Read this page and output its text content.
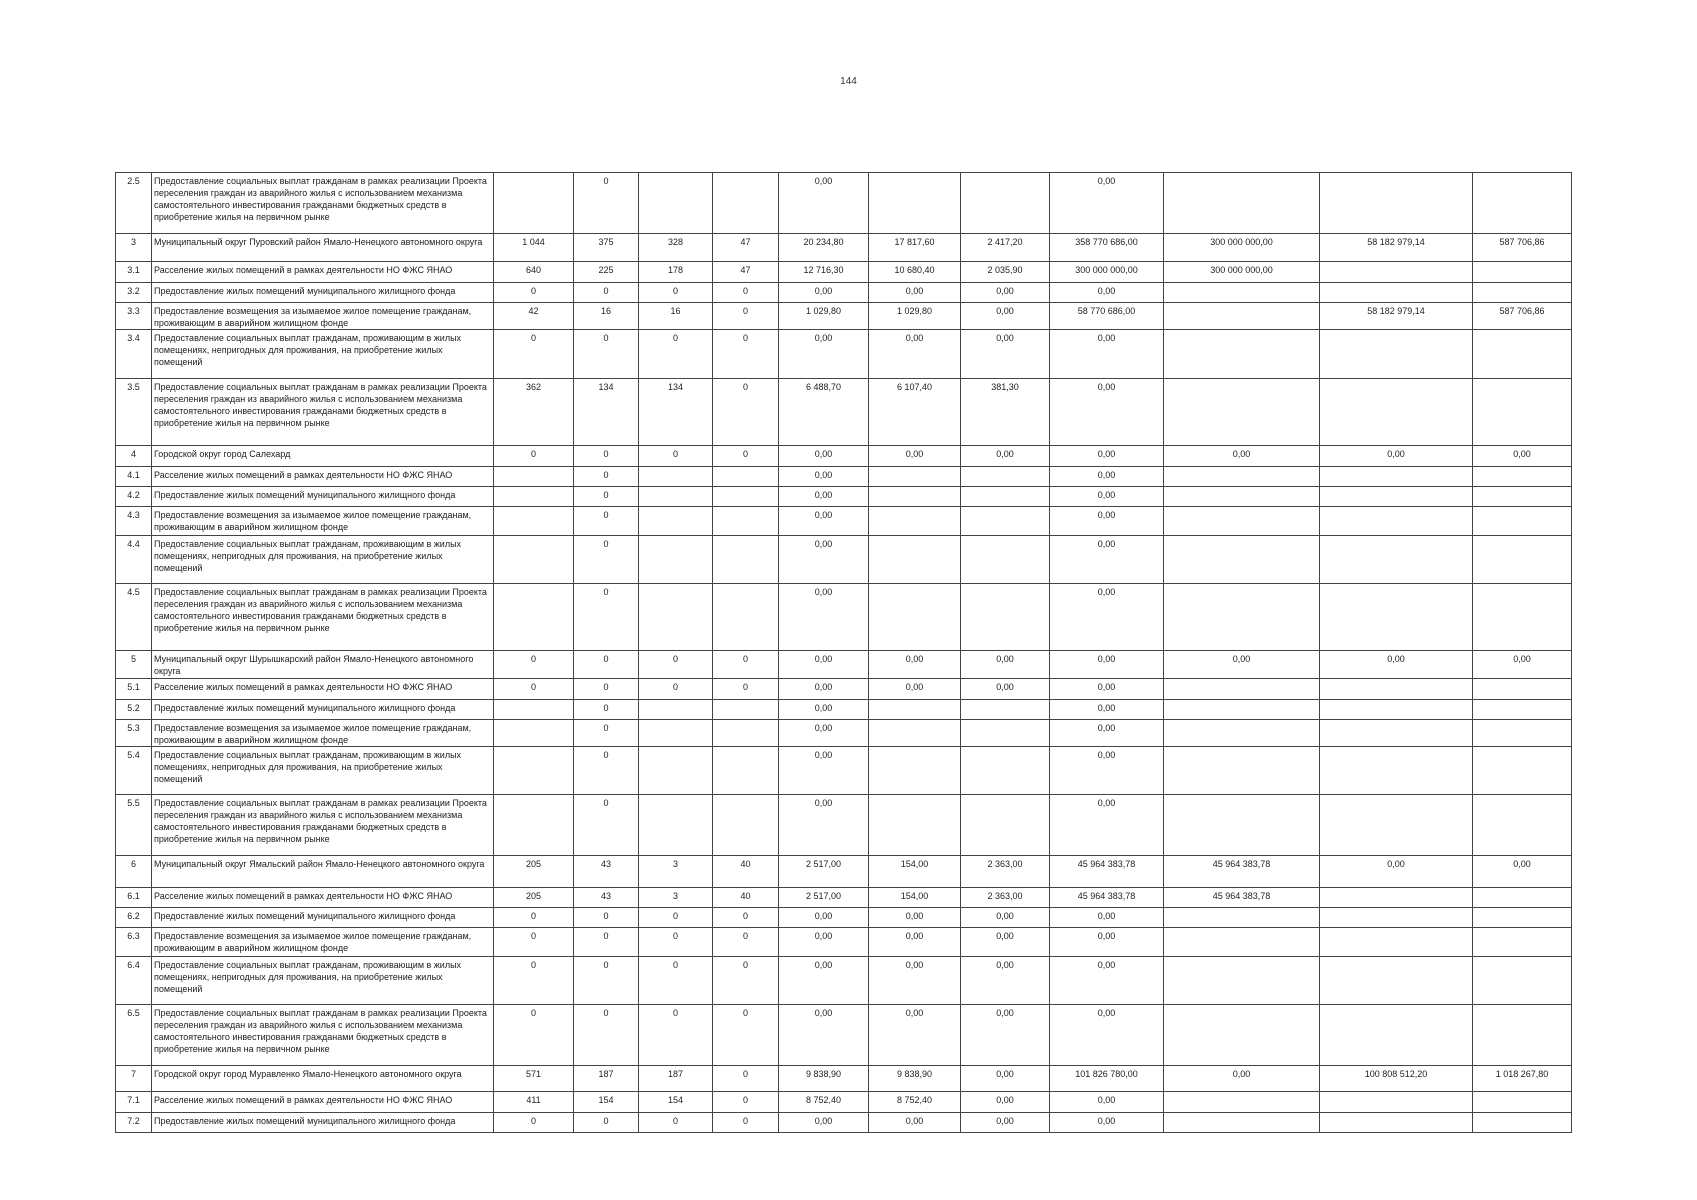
144
2.5	Предоставление социальных выплат гражданам в рамках реализации Проекта переселения граждан из аварийного жилья с использованием механизма самостоятельного инвестирования гражданами бюджетных средств в приобретение жилья на первичном рынке		0			0,00			0,00			
3	Муниципальный округ Пуровский район Ямало-Ненецкого автономного округа	1 044	375	328	47	20 234,80	17 817,60	2 417,20	358 770 686,00	300 000 000,00	58 182 979,14	587 706,86
3.1	Расселение жилых помещений в рамках деятельности НО ФЖС ЯНАО	640	225	178	47	12 716,30	10 680,40	2 035,90	300 000 000,00	300 000 000,00		
3.2	Предоставление жилых помещений муниципального жилищного фонда	0	0	0	0	0,00	0,00	0,00	0,00			
3.3	Предоставление возмещения за изымаемое жилое помещение гражданам, проживающим в аварийном жилищном фонде	42	16	16	0	1 029,80	1 029,80	0,00	58 770 686,00		58 182 979,14	587 706,86
3.4	Предоставление социальных выплат гражданам, проживающим в жилых помещениях, непригодных для проживания, на приобретение жилых помещений	0	0	0	0	0,00	0,00	0,00	0,00			
3.5	Предоставление социальных выплат гражданам в рамках реализации Проекта переселения граждан из аварийного жилья с использованием механизма самостоятельного инвестирования гражданами бюджетных средств в приобретение жилья на первичном рынке	362	134	134	0	6 488,70	6 107,40	381,30	0,00			
4	Городской округ город Салехард	0	0	0	0	0,00	0,00	0,00	0,00	0,00	0,00	0,00
4.1	Расселение жилых помещений в рамках деятельности НО ФЖС ЯНАО		0			0,00			0,00			
4.2	Предоставление жилых помещений муниципального жилищного фонда		0			0,00			0,00			
4.3	Предоставление возмещения за изымаемое жилое помещение гражданам, проживающим в аварийном жилищном фонде		0			0,00			0,00			
4.4	Предоставление социальных выплат гражданам, проживающим в жилых помещениях, непригодных для проживания, на приобретение жилых помещений		0			0,00			0,00			
4.5	Предоставление социальных выплат гражданам в рамках реализации Проекта переселения граждан из аварийного жилья с использованием механизма самостоятельного инвестирования гражданами бюджетных средств в приобретение жилья на первичном рынке		0			0,00			0,00			
5	Муниципальный округ Шурышкарский район Ямало-Ненецкого автономного округа	0	0	0	0	0,00	0,00	0,00	0,00	0,00	0,00	0,00
5.1	Расселение жилых помещений в рамках деятельности НО ФЖС ЯНАО	0	0	0	0	0,00	0,00	0,00	0,00			
5.2	Предоставление жилых помещений муниципального жилищного фонда		0			0,00			0,00			
5.3	Предоставление возмещения за изымаемое жилое помещение гражданам, проживающим в аварийном жилищном фонде		0			0,00			0,00			
5.4	Предоставление социальных выплат гражданам, проживающим в жилых помещениях, непригодных для проживания, на приобретение жилых помещений		0			0,00			0,00			
5.5	Предоставление социальных выплат гражданам в рамках реализации Проекта переселения граждан из аварийного жилья с использованием механизма самостоятельного инвестирования гражданами бюджетных средств в приобретение жилья на первичном рынке		0			0,00			0,00			
6	Муниципальный округ Ямальский район Ямало-Ненецкого автономного округа	205	43	3	40	2 517,00	154,00	2 363,00	45 964 383,78	45 964 383,78	0,00	0,00
6.1	Расселение жилых помещений в рамках деятельности НО ФЖС ЯНАО	205	43	3	40	2 517,00	154,00	2 363,00	45 964 383,78	45 964 383,78		
6.2	Предоставление жилых помещений муниципального жилищного фонда	0	0	0	0	0,00	0,00	0,00	0,00			
6.3	Предоставление возмещения за изымаемое жилое помещение гражданам, проживающим в аварийном жилищном фонде	0	0	0	0	0,00	0,00	0,00	0,00			
6.4	Предоставление социальных выплат гражданам, проживающим в жилых помещениях, непригодных для проживания, на приобретение жилых помещений	0	0	0	0	0,00	0,00	0,00	0,00			
6.5	Предоставление социальных выплат гражданам в рамках реализации Проекта переселения граждан из аварийного жилья с использованием механизма самостоятельного инвестирования гражданами бюджетных средств в приобретение жилья на первичном рынке	0	0	0	0	0,00	0,00	0,00	0,00			
7	Городской округ город Муравленко Ямало-Ненецкого автономного округа	571	187	187	0	9 838,90	9 838,90	0,00	101 826 780,00	0,00	100 808 512,20	1 018 267,80
7.1	Расселение жилых помещений в рамках деятельности НО ФЖС ЯНАО	411	154	154	0	8 752,40	8 752,40	0,00	0,00			
7.2	Предоставление жилых помещений муниципального жилищного фонда	0	0	0	0	0,00	0,00	0,00	0,00			
